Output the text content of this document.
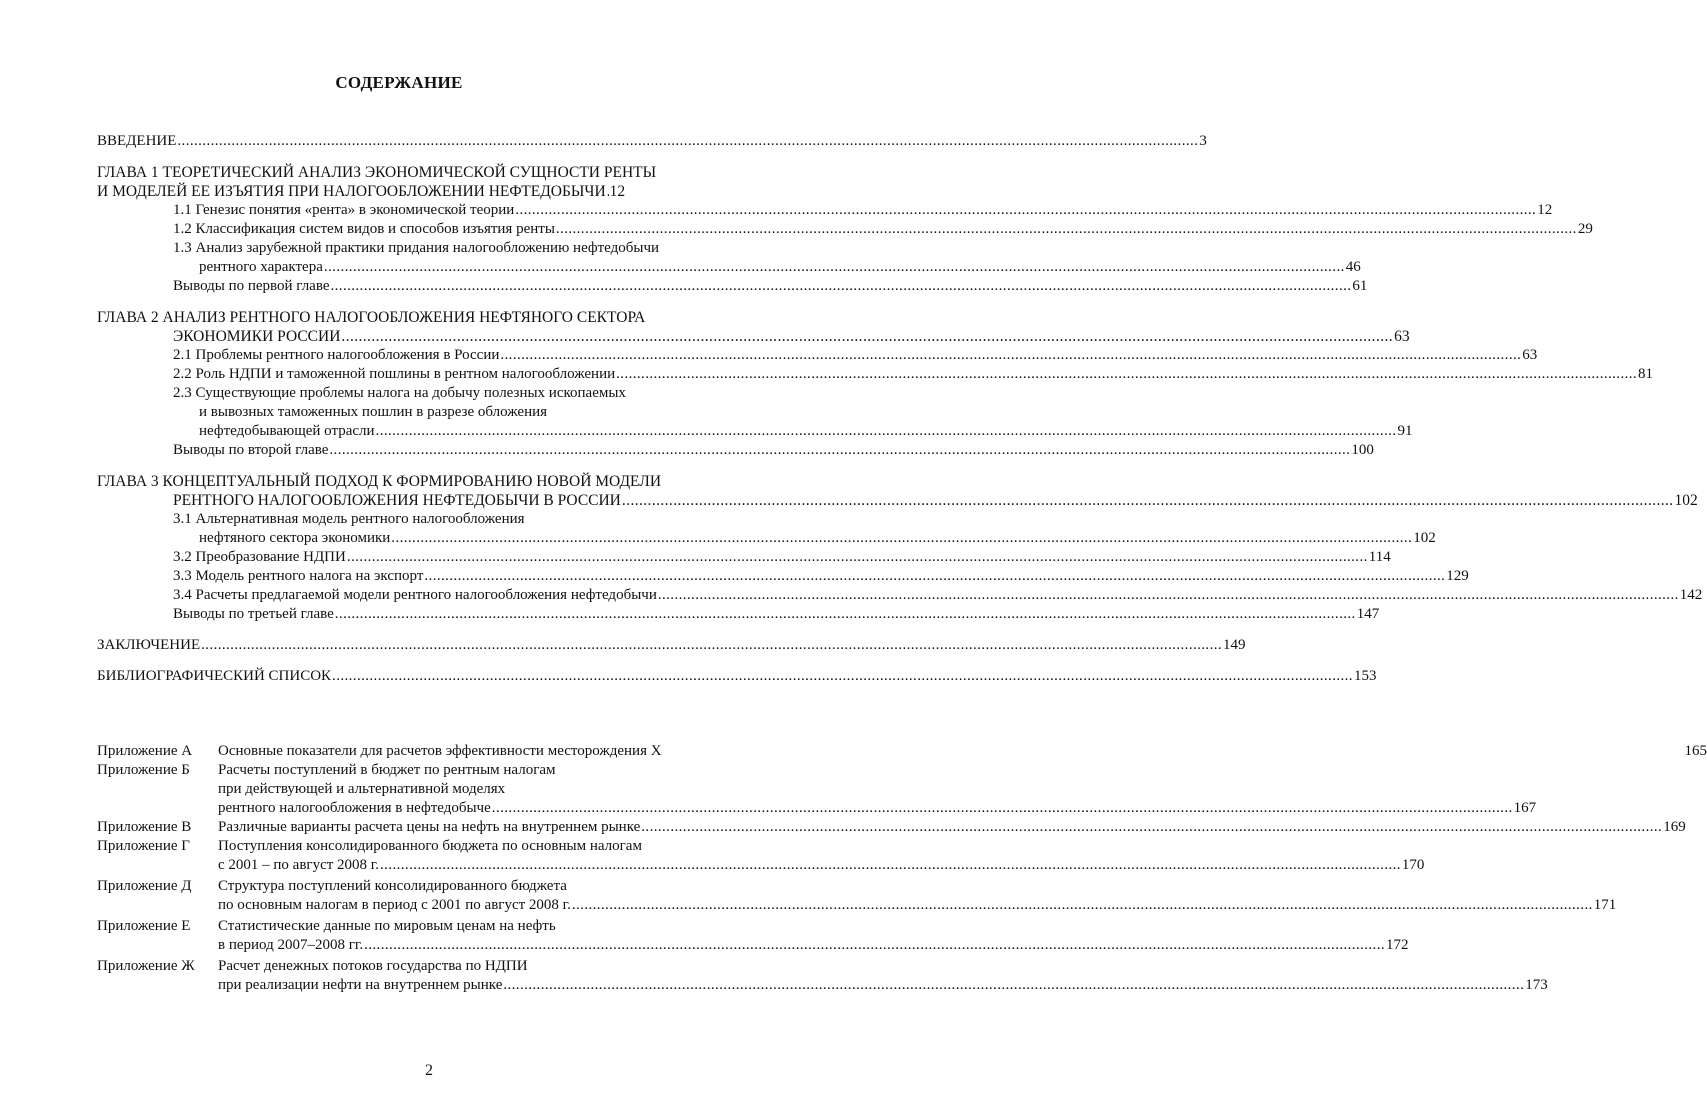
СОДЕРЖАНИЕ
ВВЕДЕНИЕ .....	3
ГЛАВА 1 ТЕОРЕТИЧЕСКИЙ АНАЛИЗ ЭКОНОМИЧЕСКОЙ СУЩНОСТИ РЕНТЫ
И МОДЕЛЕЙ ЕЕ ИЗЪЯТИЯ ПРИ НАЛОГООБЛОЖЕНИИ НЕФТЕДОБЫЧИ ..... 12
1.1 Генезис понятия «рента» в экономической теории .....	12
1.2 Классификация систем видов и способов изъятия ренты .....	29
1.3 Анализ зарубежной практики придания налогообложению нефтедобычи
рентного характера .....	46
Выводы по первой главе .....	61
ГЛАВА 2 АНАЛИЗ РЕНТНОГО НАЛОГООБЛОЖЕНИЯ НЕФТЯНОГО СЕКТОРА
ЭКОНОМИКИ РОССИИ .....	63
2.1 Проблемы рентного налогообложения в России .....	63
2.2 Роль НДПИ и таможенной пошлины в рентном налогообложении .....	81
2.3 Существующие проблемы налога на добычу полезных ископаемых
и вывозных таможенных пошлин в разрезе обложения
нефтедобывающей отрасли .....	91
Выводы по второй главе .....	100
ГЛАВА 3 КОНЦЕПТУАЛЬНЫЙ ПОДХОД К ФОРМИРОВАНИЮ НОВОЙ МОДЕЛИ
РЕНТНОГО НАЛОГООБЛОЖЕНИЯ НЕФТЕДОБЫЧИ В РОССИИ .....	102
3.1 Альтернативная модель рентного налогообложения
нефтяного сектора экономики .....	102
3.2 Преобразование НДПИ .....	114
3.3 Модель рентного налога на экспорт .....	129
3.4 Расчеты предлагаемой модели рентного налогообложения нефтедобычи .....	142
Выводы по третьей главе .....	147
ЗАКЛЮЧЕНИЕ .....	149
БИБЛИОГРАФИЧЕСКИЙ СПИСОК .....	153
Приложение А	Основные показатели для расчетов эффективности месторождения Х	165
Приложение Б	Расчеты поступлений в бюджет по рентным налогам
при действующей и альтернативной моделях
рентного налогообложения в нефтедобыче .....	167
Приложение В	Различные варианты расчета цены на нефть на внутреннем рынке .....	169
Приложение Г	Поступления консолидированного бюджета по основным налогам
с 2001 – по август 2008 г. .....	170
Приложение Д	Структура поступлений консолидированного бюджета
по основным налогам в период с 2001 по август 2008 г. .....	171
Приложение Е	Статистические данные по мировым ценам на нефть
в период 2007–2008 гг. .....	172
Приложение Ж	Расчет денежных потоков государства по НДПИ
при реализации нефти на внутреннем рынке .....	173
2
